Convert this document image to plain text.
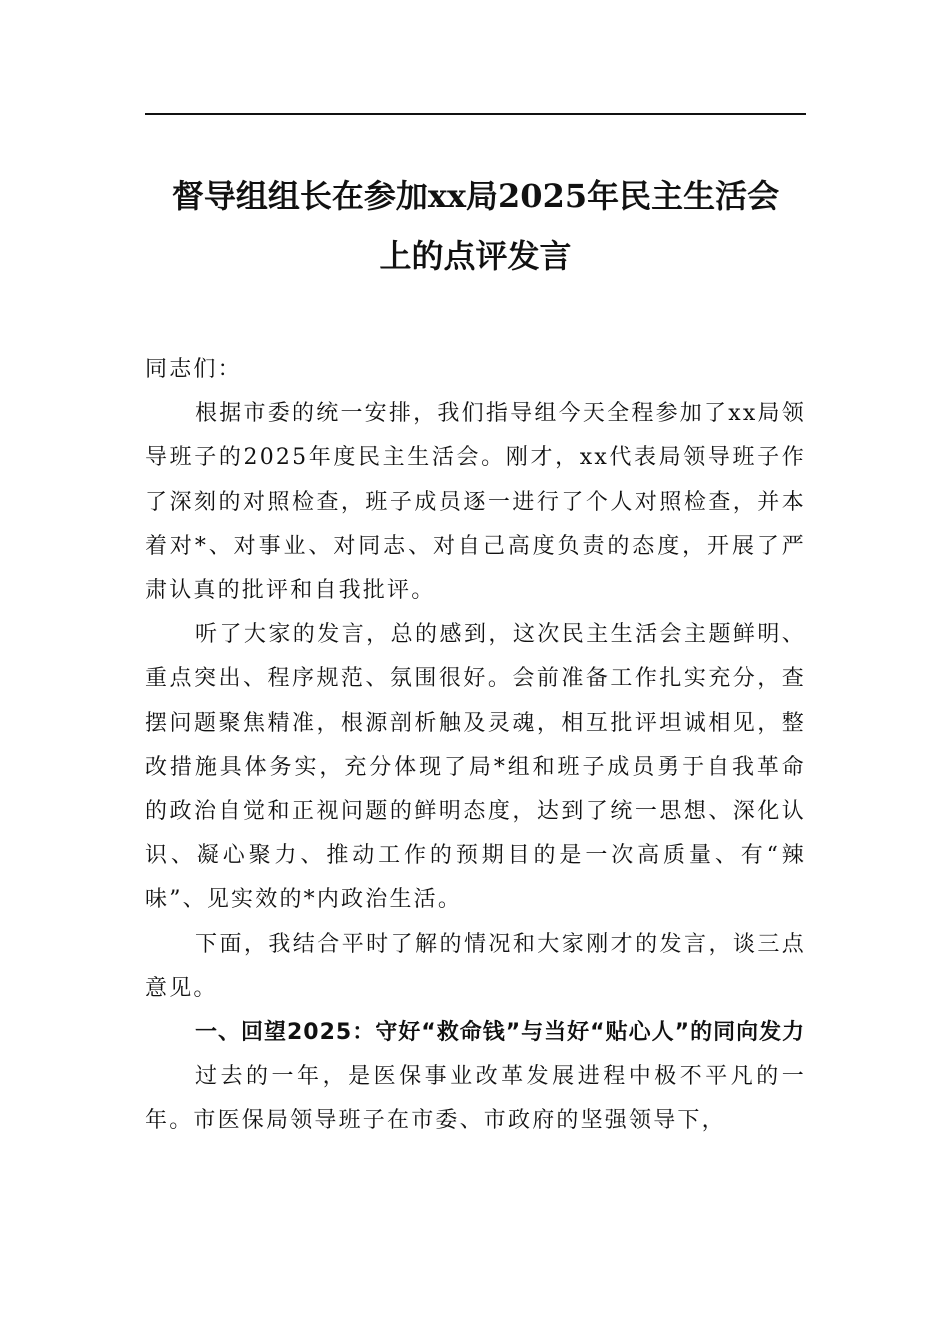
督导组组长在参加xx局2025年民主生活会
上的点评发言

同志们：

根据市委的统一安排，我们指导组今天全程参加了xx局领导班子的2025年度民主生活会。刚才，xx代表局领导班子作了深刻的对照检查，班子成员逐一进行了个人对照检查，并本着对*、对事业、对同志、对自己高度负责的态度，开展了严肃认真的批评和自我批评。

听了大家的发言，总的感到，这次民主生活会主题鲜明、重点突出、程序规范、氛围很好。会前准备工作扎实充分，查摆问题聚焦精准，根源剖析触及灵魂，相互批评坦诚相见，整改措施具体务实，充分体现了局*组和班子成员勇于自我革命的政治自觉和正视问题的鲜明态度，达到了统一思想、深化认识、凝心聚力、推动工作的预期目的是一次高质量、有“辣味”、见实效的*内政治生活。

下面，我结合平时了解的情况和大家刚才的发言，谈三点意见。

一、回望2025：守好“救命钱”与当好“贴心人”的同向发力

过去的一年，是医保事业改革发展进程中极不平凡的一年。市医保局领导班子在市委、市政府的坚强领导下，
